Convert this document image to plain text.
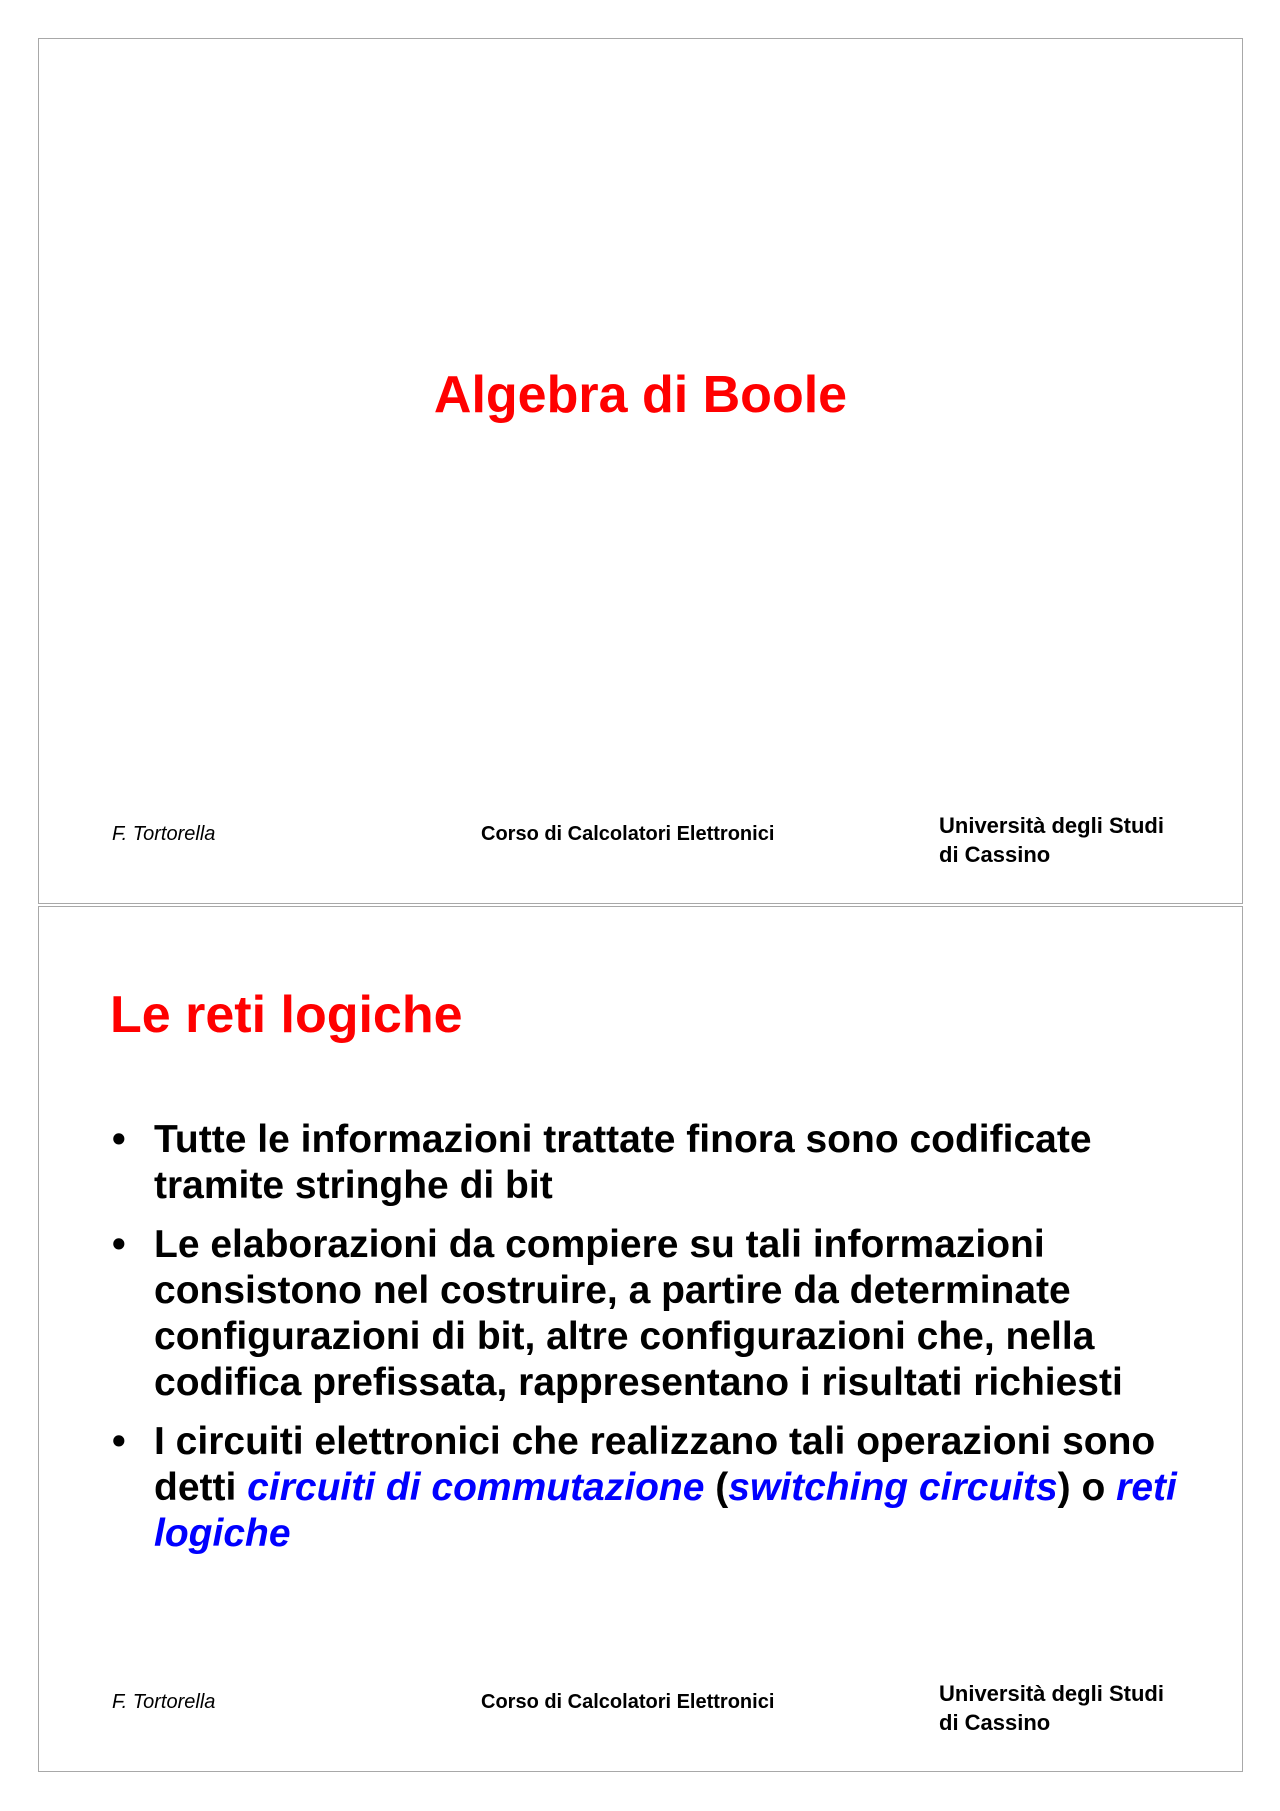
Algebra di Boole
F. Tortorella	Corso di Calcolatori Elettronici	Università degli Studi
di Cassino
Le reti logiche
• Tutte le informazioni trattate finora sono codificate tramite stringhe di bit
• Le elaborazioni da compiere su tali informazioni consistono nel costruire, a partire da determinate configurazioni di bit, altre configurazioni che, nella codifica prefissata, rappresentano i risultati richiesti
• I circuiti elettronici che realizzano tali operazioni sono detti circuiti di commutazione (switching circuits) o reti logiche
F. Tortorella	Corso di Calcolatori Elettronici	Università degli Studi
di Cassino
